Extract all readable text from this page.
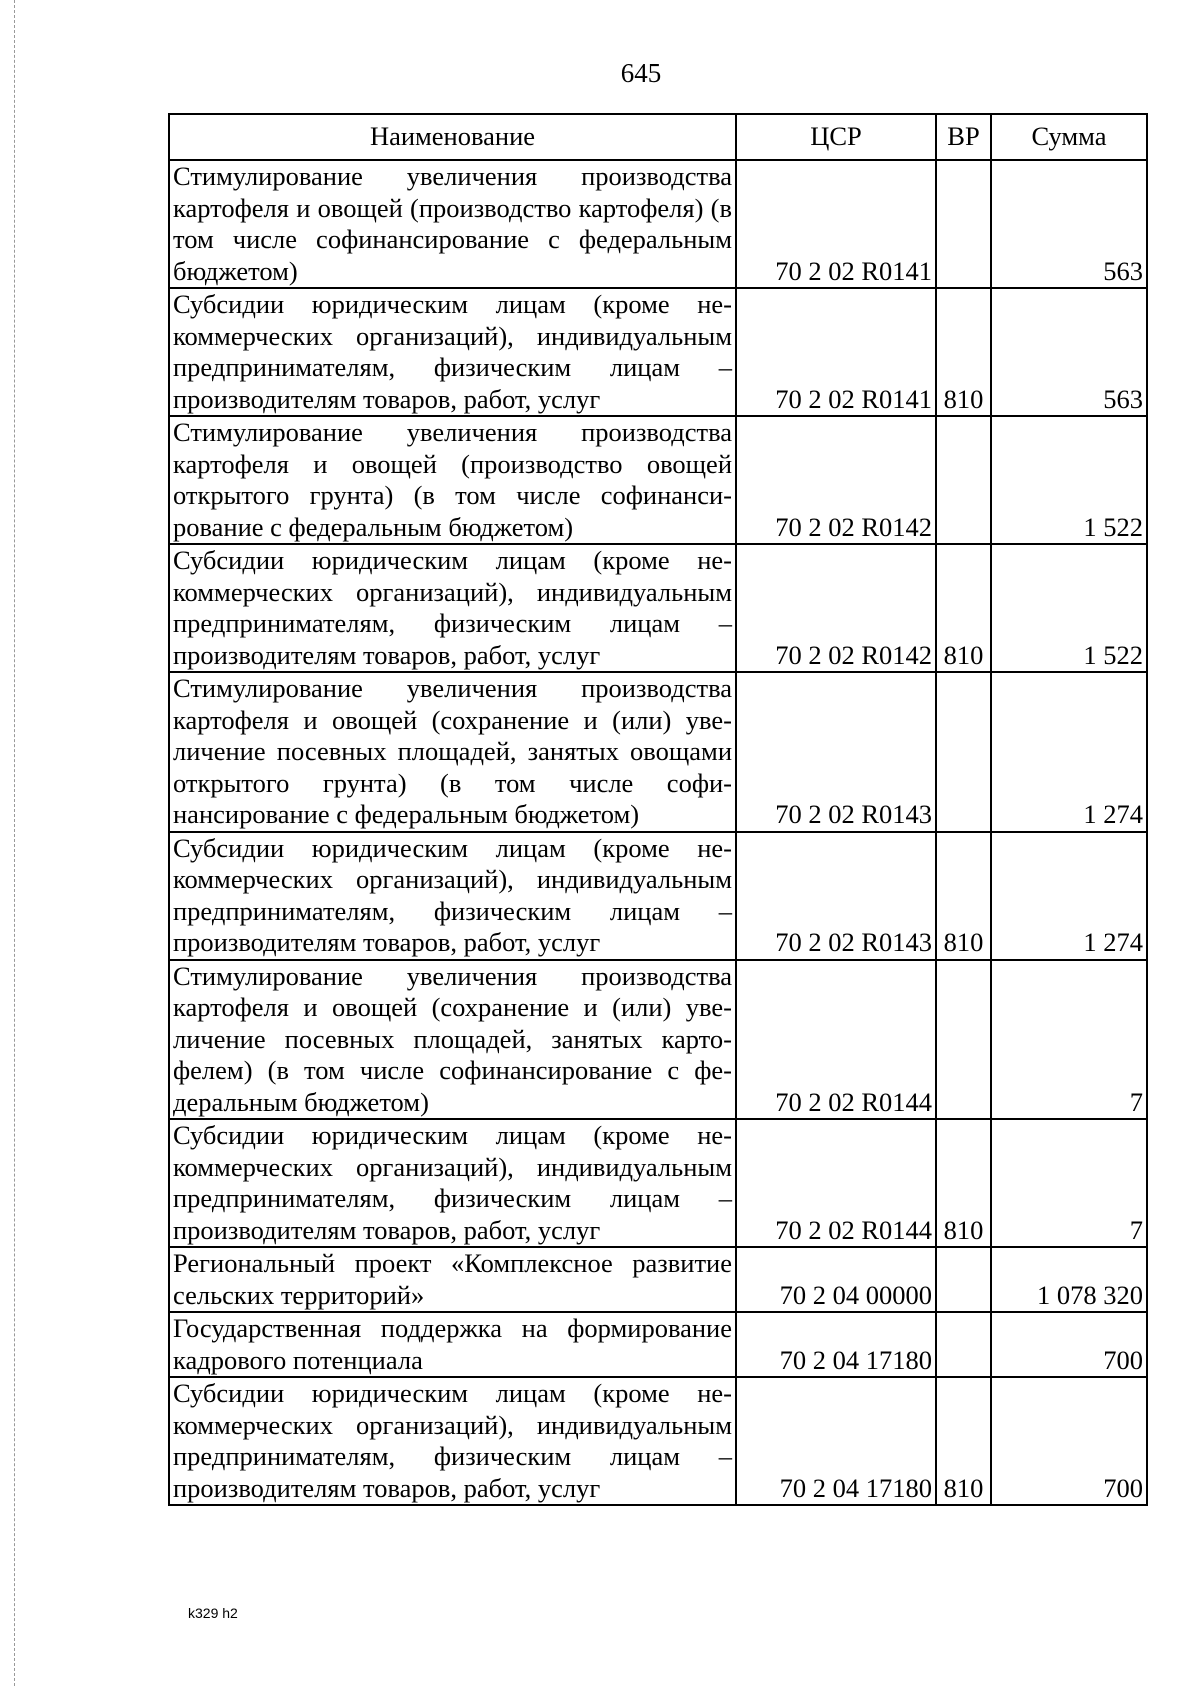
645
Наименование	ЦСР	ВР	Сумма
Стимулирование увеличения производства картофеля и овощей (производство картофеля) (в том числе софинансирование с федеральным бюджетом)	70 2 02 R0141		563
Субсидии юридическим лицам (кроме некоммерческих организаций), индивидуальным предпринимателям, физическим лицам – производителям товаров, работ, услуг	70 2 02 R0141	810	563
Стимулирование увеличения производства картофеля и овощей (производство овощей открытого грунта) (в том числе софинансирование с федеральным бюджетом)	70 2 02 R0142		1 522
Субсидии юридическим лицам (кроме некоммерческих организаций), индивидуальным предпринимателям, физическим лицам – производителям товаров, работ, услуг	70 2 02 R0142	810	1 522
Стимулирование увеличения производства картофеля и овощей (сохранение и (или) увеличение посевных площадей, занятых овощами открытого грунта) (в том числе софинансирование с федеральным бюджетом)	70 2 02 R0143		1 274
Субсидии юридическим лицам (кроме некоммерческих организаций), индивидуальным предпринимателям, физическим лицам – производителям товаров, работ, услуг	70 2 02 R0143	810	1 274
Стимулирование увеличения производства картофеля и овощей (сохранение и (или) увеличение посевных площадей, занятых картофелем) (в том числе софинансирование с федеральным бюджетом)	70 2 02 R0144		7
Субсидии юридическим лицам (кроме некоммерческих организаций), индивидуальным предпринимателям, физическим лицам – производителям товаров, работ, услуг	70 2 02 R0144	810	7
Региональный проект «Комплексное развитие сельских территорий»	70 2 04 00000		1 078 320
Государственная поддержка на формирование кадрового потенциала	70 2 04 17180		700
Субсидии юридическим лицам (кроме некоммерческих организаций), индивидуальным предпринимателям, физическим лицам – производителям товаров, работ, услуг	70 2 04 17180	810	700
k329 h2
